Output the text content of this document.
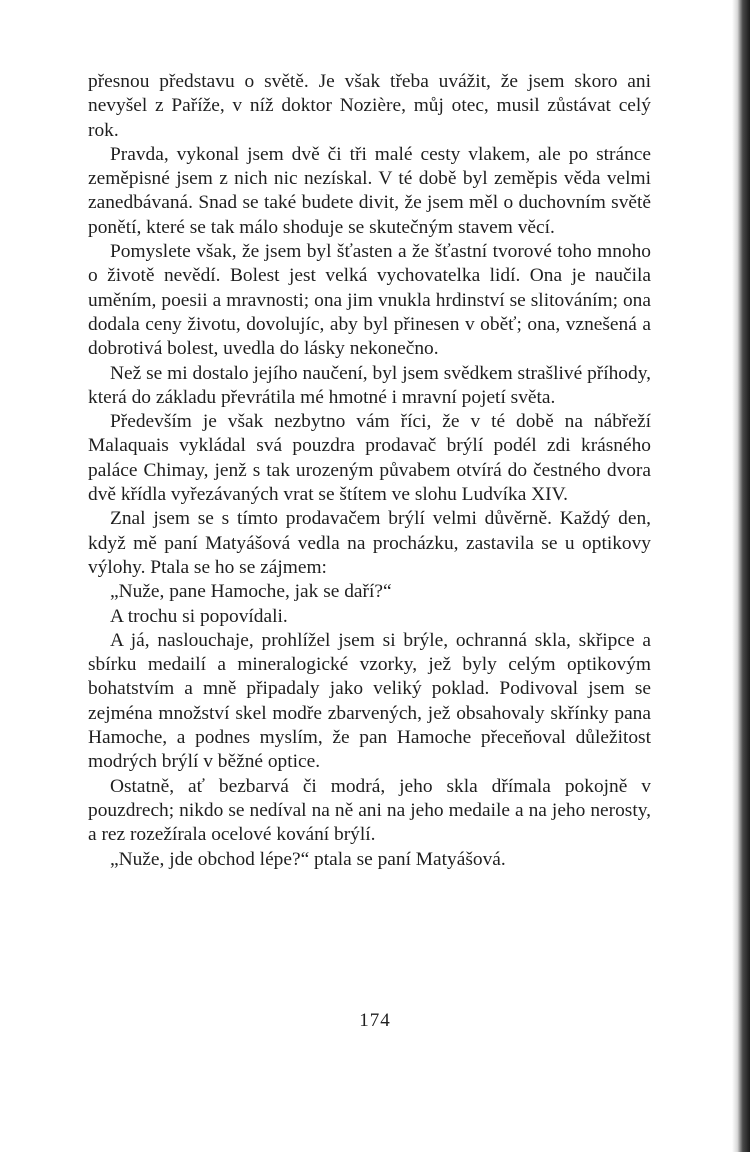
přesnou představu o světě. Je však třeba uvážit, že jsem skoro ani nevyšel z Paříže, v níž doktor Nozière, můj otec, musil zůstávat celý rok.

Pravda, vykonal jsem dvě či tři malé cesty vlakem, ale po stránce zeměpisné jsem z nich nic nezískal. V té době byl zeměpis věda velmi zanedbávaná. Snad se také budete divit, že jsem měl o duchovním světě ponětí, které se tak málo shoduje se skutečným stavem věcí.

Pomyslete však, že jsem byl šťasten a že šťastní tvorové toho mnoho o životě nevědí. Bolest jest velká vychovatelka lidí. Ona je naučila uměním, poesii a mravnosti; ona jim vnukla hrdinství se slitováním; ona dodala ceny životu, dovolujíc, aby byl přinesen v oběť; ona, vznešená a dobrotivá bolest, uvedla do lásky nekonečno.

Než se mi dostalo jejího naučení, byl jsem svědkem strašlivé příhody, která do základu převrátila mé hmotné i mravní pojetí světa.

Především je však nezbytno vám říci, že v té době na nábřeží Malaquais vykládal svá pouzdra prodavač brýlí podél zdi krásného paláce Chimay, jenž s tak urozeným půvabem otvírá do čestného dvora dvě křídla vyřezávaných vrat se štítem ve slohu Ludvíka XIV.

Znal jsem se s tímto prodavačem brýlí velmi důvěrně. Každý den, když mě paní Matyášová vedla na procházku, zastavila se u optikovy výlohy. Ptala se ho se zájmem:

„Nuže, pane Hamoche, jak se daří?“

A trochu si popovídali.

A já, naslouchaje, prohlížel jsem si brýle, ochranná skla, skřipce a sbírku medailí a mineralogické vzorky, jež byly celým optikovým bohatstvím a mně připadaly jako veliký poklad. Podivoval jsem se zejména množství skel modře zbarvených, jež obsahovaly skřínky pana Hamoche, a podnes myslím, že pan Hamoche přeceňoval důležitost modrých brýlí v běžné optice.

Ostatně, ať bezbarvá či modrá, jeho skla dřímala pokojně v pouzdrech; nikdo se nedíval na ně ani na jeho medaile a na jeho nerosty, a rez rozežírala ocelové kování brýlí.

„Nuže, jde obchod lépe?“ ptala se paní Matyášová.

174
